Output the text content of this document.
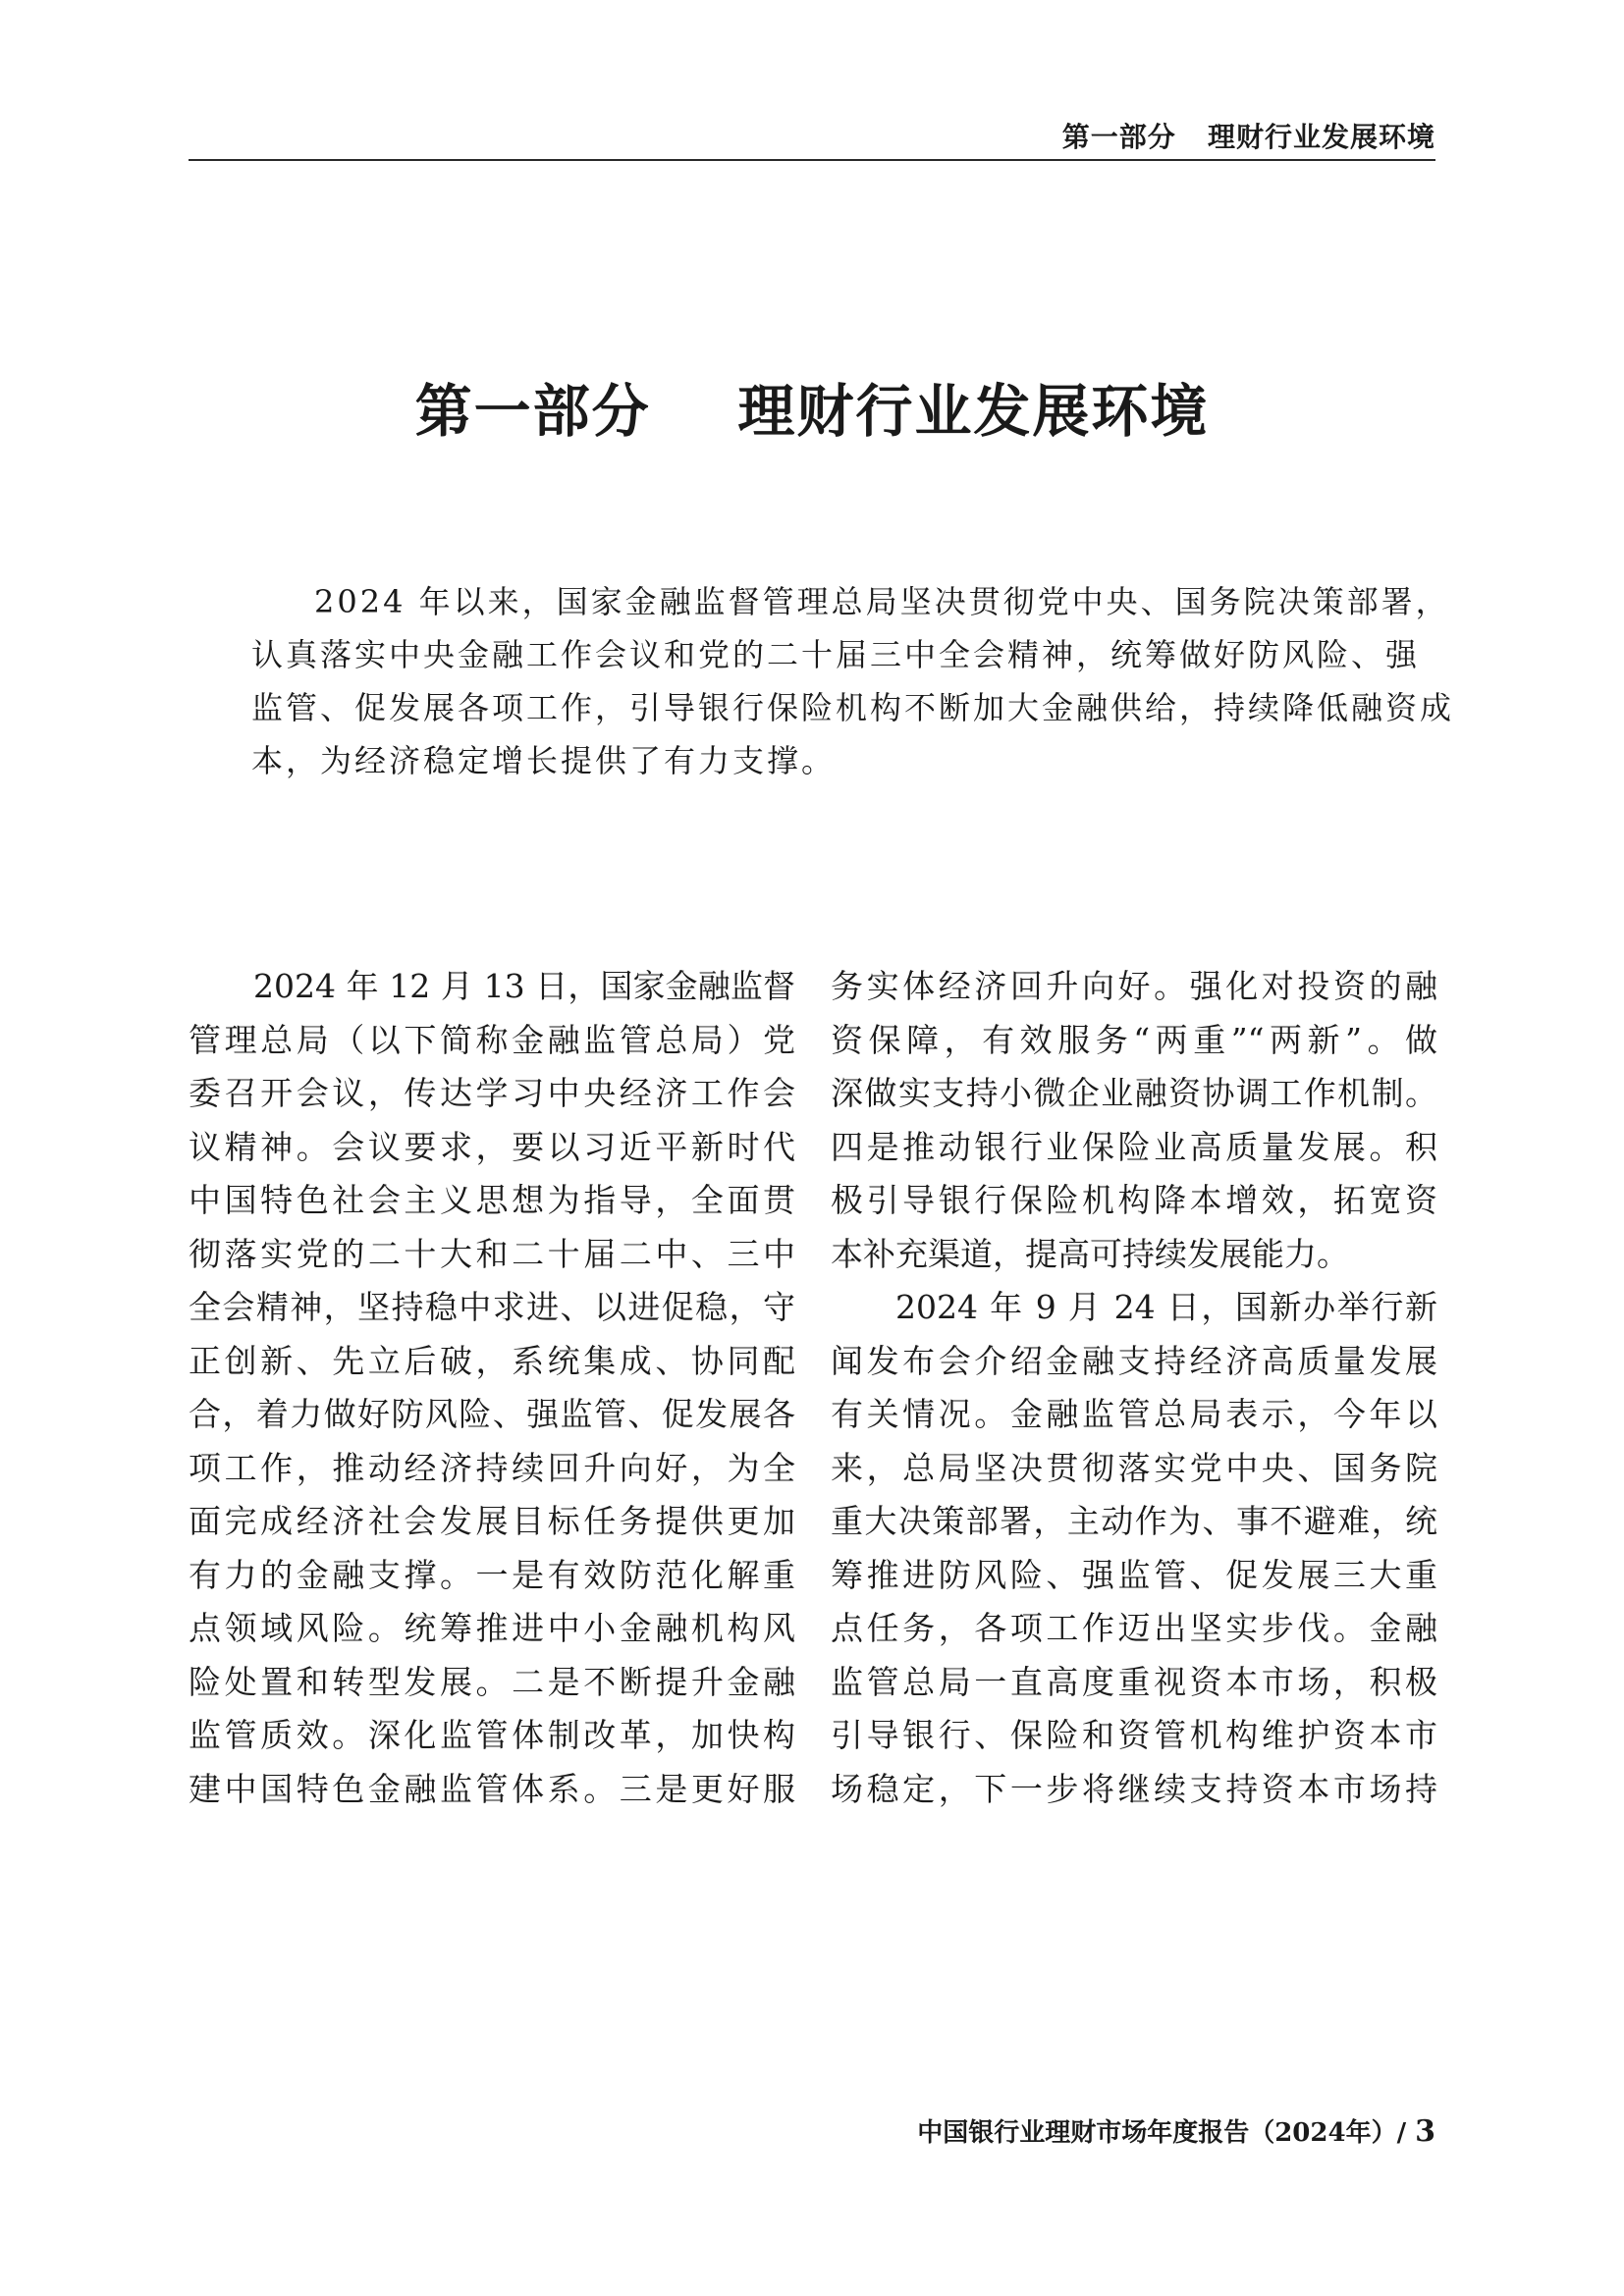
第一部分   理财行业发展环境
第一部分    理财行业发展环境
2024 年以来，国家金融监督管理总局坚决贯彻党中央、国务院决策部署，
认真落实中央金融工作会议和党的二十届三中全会精神，统筹做好防风险、强
监管、促发展各项工作，引导银行保险机构不断加大金融供给，持续降低融资成
本，为经济稳定增长提供了有力支撑。
2024 年 12 月 13 日，国家金融监督
管理总局（以下简称金融监管总局）党
委召开会议，传达学习中央经济工作会
议精神。会议要求，要以习近平新时代
中国特色社会主义思想为指导，全面贯
彻落实党的二十大和二十届二中、三中
全会精神，坚持稳中求进、以进促稳，守
正创新、先立后破，系统集成、协同配
合，着力做好防风险、强监管、促发展各
项工作，推动经济持续回升向好，为全
面完成经济社会发展目标任务提供更加
有力的金融支撑。一是有效防范化解重
点领域风险。统筹推进中小金融机构风
险处置和转型发展。二是不断提升金融
监管质效。深化监管体制改革，加快构
建中国特色金融监管体系。三是更好服
务实体经济回升向好。强化对投资的融
资保障，有效服务“两重”“两新”。做
深做实支持小微企业融资协调工作机制。
四是推动银行业保险业高质量发展。积
极引导银行保险机构降本增效，拓宽资
本补充渠道，提高可持续发展能力。
2024 年 9 月 24 日，国新办举行新
闻发布会介绍金融支持经济高质量发展
有关情况。金融监管总局表示，今年以
来，总局坚决贯彻落实党中央、国务院
重大决策部署，主动作为、事不避难，统
筹推进防风险、强监管、促发展三大重
点任务，各项工作迈出坚实步伐。金融
监管总局一直高度重视资本市场，积极
引导银行、保险和资管机构维护资本市
场稳定，下一步将继续支持资本市场持
中国银行业理财市场年度报告（2024年）/ 3
